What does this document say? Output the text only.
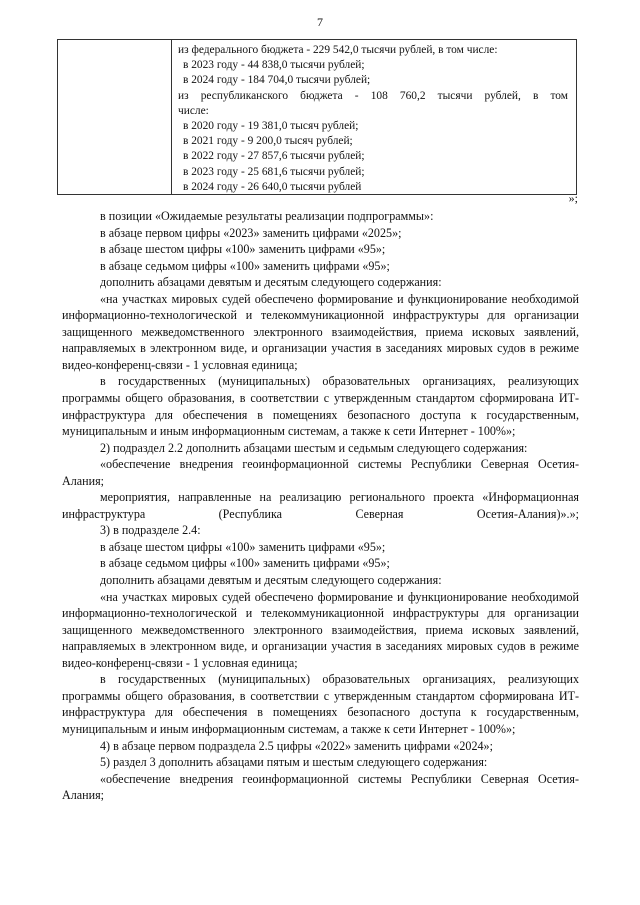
7

из федерального бюджета - 229 542,0 тысячи рублей, в том числе:

в 2023 году - 44 838,0 тысячи рублей;

в 2024 году - 184 704,0 тысячи рублей;

из республиканского бюджета - 108 760,2 тысячи рублей, в том

числе:

в 2020 году - 19 381,0 тысяч рублей;

в 2021 году - 9 200,0 тысяч рублей;

в 2022 году - 27 857,6 тысячи рублей;

в 2023 году - 25 681,6 тысячи рублей;

в 2024 году - 26 640,0 тысячи рублей

»;

в позиции «Ожидаемые результаты реализации подпрограммы»:

в абзаце первом цифры «2023» заменить цифрами «2025»;

в абзаце шестом цифры «100» заменить цифрами «95»;

в абзаце седьмом цифры «100» заменить цифрами «95»;

дополнить абзацами девятым и десятым следующего содержания:

«на участках мировых судей обеспечено формирование и функционирование необходимой информационно-технологической и телекоммуникационной инфраструктуры для организации защищенного межведомственного электронного взаимодействия, приема исковых заявлений, направляемых в электронном виде, и организации участия в заседаниях мировых судов в режиме видео-конференц-связи - 1 условная единица;

в государственных (муниципальных) образовательных организациях, реализующих программы общего образования, в соответствии с утвержденным стандартом сформирована ИТ-инфраструктура для обеспечения в помещениях безопасного доступа к государственным, муниципальным и иным информационным системам, а также к сети Интернет - 100%»;

2) подраздел 2.2 дополнить абзацами шестым и седьмым следующего содержания:

«обеспечение внедрения геоинформационной системы Республики Северная Осетия-Алания;

мероприятия, направленные на реализацию регионального проекта «Информационная инфраструктура (Республика Северная Осетия-Алания)».»;

3) в подразделе 2.4:

в абзаце шестом цифры «100» заменить цифрами «95»;

в абзаце седьмом цифры «100» заменить цифрами «95»;

дополнить абзацами девятым и десятым следующего содержания:

«на участках мировых судей обеспечено формирование и функционирование необходимой информационно-технологической и телекоммуникационной инфраструктуры для организации защищенного межведомственного электронного взаимодействия, приема исковых заявлений, направляемых в электронном виде, и организации участия в заседаниях мировых судов в режиме видео-конференц-связи - 1 условная единица;

в государственных (муниципальных) образовательных организациях, реализующих программы общего образования, в соответствии с утвержденным стандартом сформирована ИТ-инфраструктура для обеспечения в помещениях безопасного доступа к государственным, муниципальным и иным информационным системам, а также к сети Интернет - 100%»;

4) в абзаце первом подраздела 2.5 цифры «2022» заменить цифрами «2024»;

5) раздел 3 дополнить абзацами пятым и шестым следующего содержания:

«обеспечение внедрения геоинформационной системы Республики Северная Осетия-Алания;
